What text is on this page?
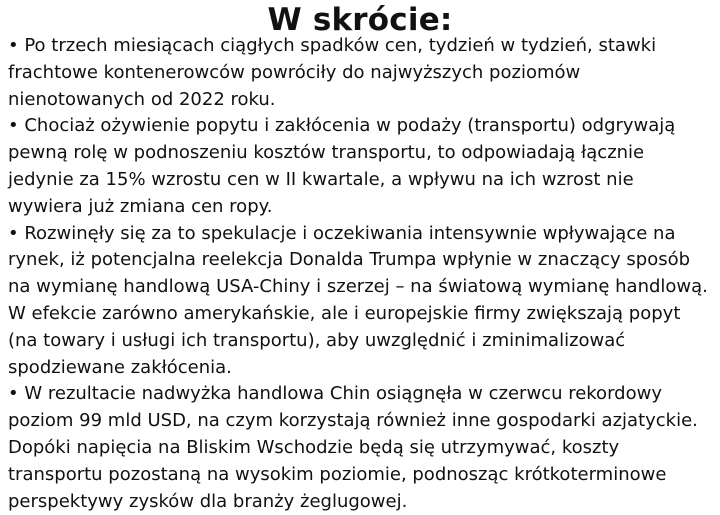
W skrócie:

• Po trzech miesiącach ciągłych spadków cen, tydzień w tydzień, stawki frachtowe kontenerowców powróciły do najwyższych poziomów nienotowanych od 2022 roku.

• Chociaż ożywienie popytu i zakłócenia w podaży (transportu) odgrywają pewną rolę w podnoszeniu kosztów transportu, to odpowiadają łącznie jedynie za 15% wzrostu cen w II kwartale, a wpływu na ich wzrost nie wywiera już zmiana cen ropy.

• Rozwinęły się za to spekulacje i oczekiwania intensywnie wpływające na rynek, iż potencjalna reelekcja Donalda Trumpa wpłynie w znaczący sposób na wymianę handlową USA-Chiny i szerzej – na światową wymianę handlową. W efekcie zarówno amerykańskie, ale i europejskie firmy zwiększają popyt (na towary i usługi ich transportu), aby uwzględnić i zminimalizować spodziewane zakłócenia.

• W rezultacie nadwyżka handlowa Chin osiągnęła w czerwcu rekordowy poziom 99 mld USD, na czym korzystają również inne gospodarki azjatyckie. Dopóki napięcia na Bliskim Wschodzie będą się utrzymywać, koszty transportu pozostaną na wysokim poziomie, podnosząc krótkoterminowe perspektywy zysków dla branży żeglugowej.
